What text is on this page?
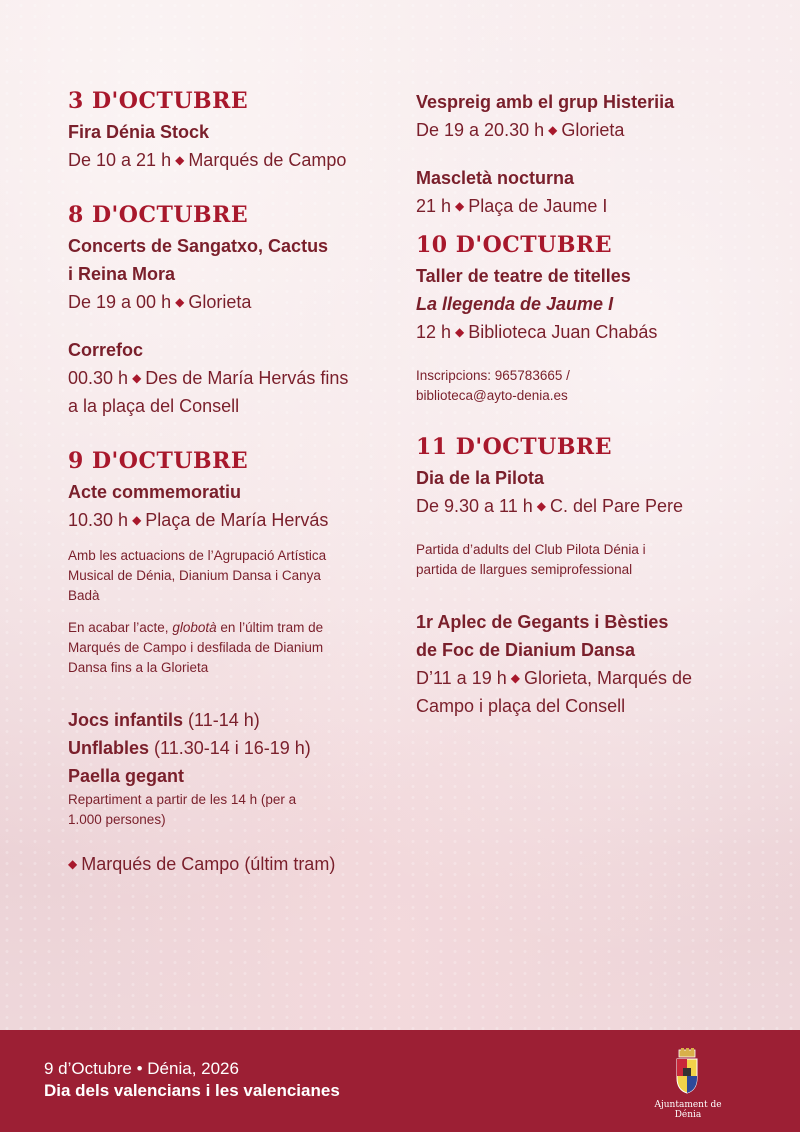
3 D'OCTUBRE
Fira Dénia Stock
De 10 a 21 h ◆ Marqués de Campo
8 D'OCTUBRE
Concerts de Sangatxo, Cactus
i Reina Mora
De 19 a 00 h ◆ Glorieta
Correfoc
00.30 h ◆ Des de María Hervás fins
a la plaça del Consell
9 D'OCTUBRE
Acte commemoratiu
10.30 h ◆ Plaça de María Hervás
Amb les actuacions de l’Agrupació Artística
Musical de Dénia, Dianium Dansa i Canya
Badà
En acabar l’acte, globotà en l’últim tram de
Marqués de Campo i desfilada de Dianium
Dansa fins a la Glorieta
Jocs infantils (11-14 h)
Unflables (11.30-14 i 16-19 h)
Paella gegant
Repartiment a partir de les 14 h (per a
1.000 persones)
◆ Marqués de Campo (últim tram)
Vespreig amb el grup Histeriia
De 19 a 20.30 h ◆ Glorieta
Mascletà nocturna
21 h ◆ Plaça de Jaume I
10 D'OCTUBRE
Taller de teatre de titelles
La llegenda de Jaume I
12 h ◆ Biblioteca Juan Chabás
Inscripcions: 965783665 /
biblioteca@ayto-denia.es
11 D'OCTUBRE
Dia de la Pilota
De 9.30 a 11 h ◆ C. del Pare Pere
Partida d’adults del Club Pilota Dénia i
partida de llargues semiprofessional
1r Aplec de Gegants i Bèsties
de Foc de Dianium Dansa
D’11 a 19 h ◆ Glorieta, Marqués de
Campo i plaça del Consell
9 d’Octubre • Dénia, 2026
Dia dels valencians i les valencianes
Ajuntament de Dénia
